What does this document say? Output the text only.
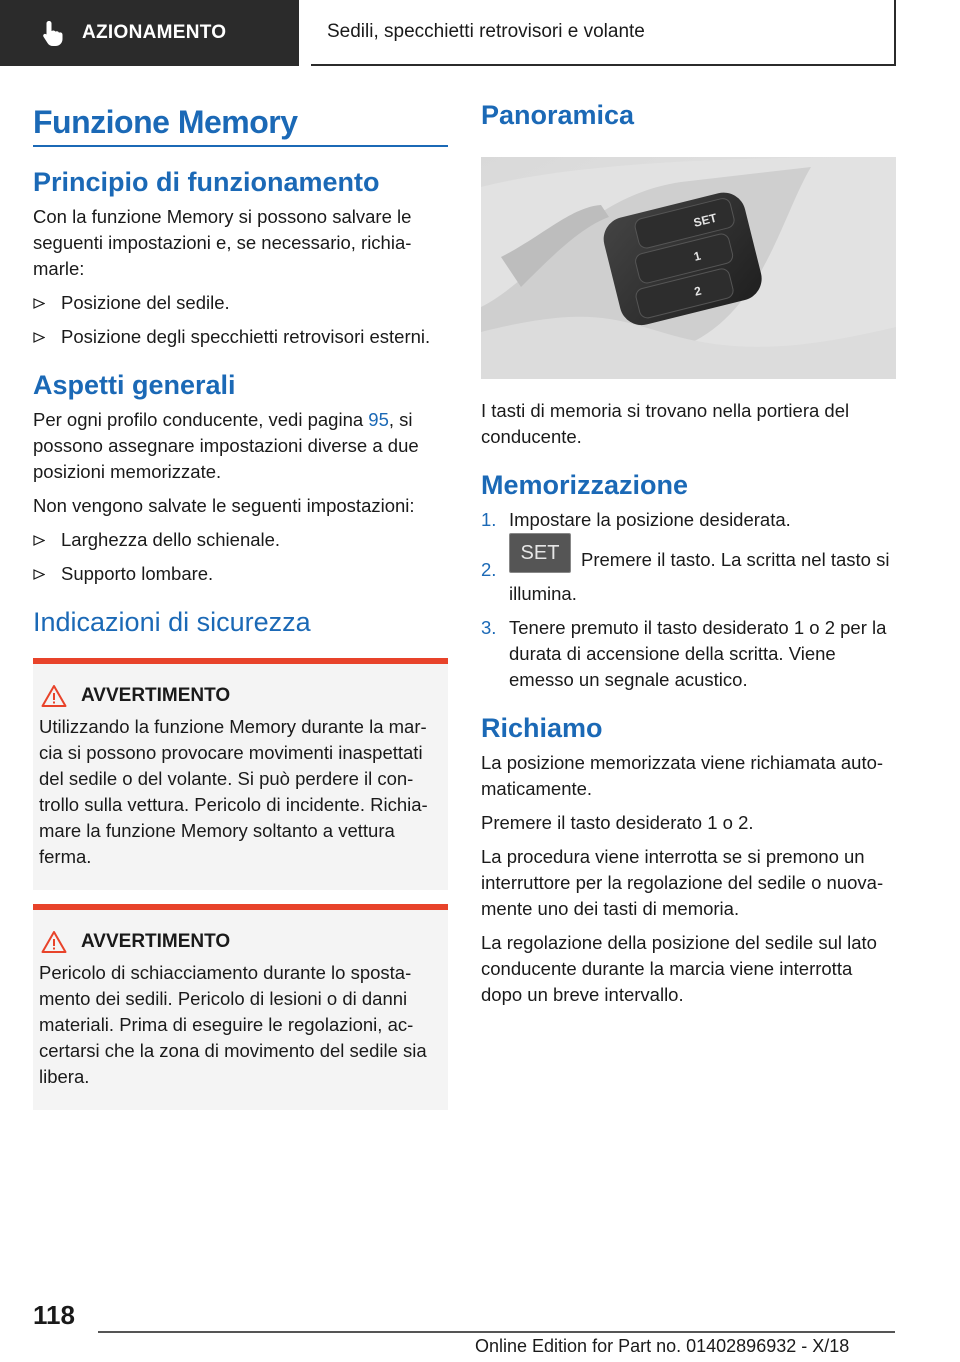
AZIONAMENTO	Sedili, specchietti retrovisori e volante
Funzione Memory
Principio di funzionamento

Con la funzione Memory si possono salvare le seguenti impostazioni e, se necessario, richia‐ marle:

Posizione del sedile.
Posizione degli specchietti retrovisori esterni.
Aspetti generali

Per ogni profilo conducente, vedi pagina 95, si possono assegnare impostazioni diverse a due posizioni memorizzate.

Non vengono salvate le seguenti impostazioni:

Larghezza dello schienale.
Supporto lombare.
Indicazioni di sicurezza
AVVERTIMENTO

Utilizzando la funzione Memory durante la mar‐ cia si possono provocare movimenti inaspettati del sedile o del volante. Si può perdere il con‐ trollo sulla vettura. Pericolo di incidente. Richia‐ mare la funzione Memory soltanto a vettura ferma.

AVVERTIMENTO

Pericolo di schiacciamento durante lo sposta‐ mento dei sedili. Pericolo di lesioni o di danni materiali. Prima di eseguire le regolazioni, ac‐ certarsi che la zona di movimento del sedile sia libera.

Panoramica
SET
1
2

I tasti di memoria si trovano nella portiera del conducente.

Memorizzazione
1. Impostare la posizione desiderata.
2.
SET Premere il tasto. La scritta nel tasto si illumina.
3. Tenere premuto il tasto desiderato 1 o 2 per la durata di accensione della scritta. Viene emesso un segnale acustico.
Richiamo

La posizione memorizzata viene richiamata auto‐ maticamente.

Premere il tasto desiderato 1 o 2.

La procedura viene interrotta se si premono un interruttore per la regolazione del sedile o nuova‐ mente uno dei tasti di memoria.

La regolazione della posizione del sedile sul lato conducente durante la marcia viene interrotta dopo un breve intervallo.

118
Online Edition for Part no. 01402896932 - X/18
